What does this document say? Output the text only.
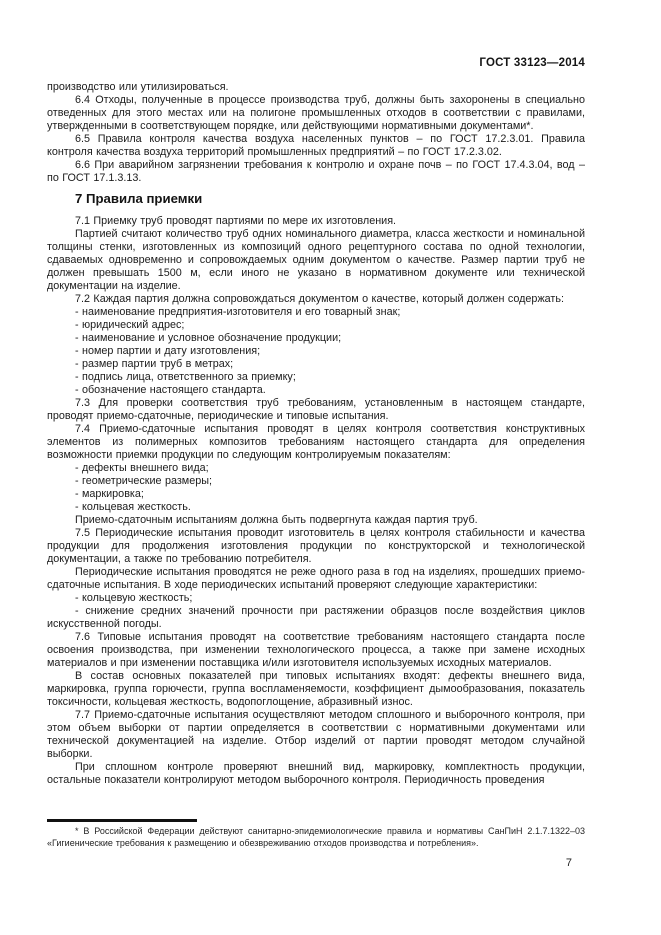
ГОСТ 33123—2014

производство или утилизироваться.

6.4 Отходы, полученные в процессе производства труб, должны быть захоронены в специально отведенных для этого местах или на полигоне промышленных отходов в соответствии с правилами, утвержденными в соответствующем порядке, или действующими нормативными документами*.

6.5 Правила контроля качества воздуха населенных пунктов – по ГОСТ 17.2.3.01. Правила контроля качества воздуха территорий промышленных предприятий – по ГОСТ 17.2.3.02.

6.6 При аварийном загрязнении требования к контролю и охране почв – по ГОСТ 17.4.3.04, вод – по ГОСТ 17.1.3.13.

7 Правила приемки

7.1 Приемку труб проводят партиями по мере их изготовления.

Партией считают количество труб одних номинального диаметра, класса жесткости и номинальной толщины стенки, изготовленных из композиций одного рецептурного состава по одной технологии, сдаваемых одновременно и сопровождаемых одним документом о качестве. Размер партии труб не должен превышать 1500 м, если иного не указано в нормативном документе или технической документации на изделие.

7.2 Каждая партия должна сопровождаться документом о качестве, который должен содержать:

- наименование предприятия-изготовителя и его товарный знак;

- юридический адрес;

- наименование и условное обозначение продукции;

- номер партии и дату изготовления;

- размер партии труб в метрах;

- подпись лица, ответственного за приемку;

- обозначение настоящего стандарта.

7.3 Для проверки соответствия труб требованиям, установленным в настоящем стандарте, проводят приемо-сдаточные, периодические и типовые испытания.

7.4 Приемо-сдаточные испытания проводят в целях контроля соответствия конструктивных элементов из полимерных композитов требованиям настоящего стандарта для определения возможности приемки продукции по следующим контролируемым показателям:

- дефекты внешнего вида;

- геометрические размеры;

- маркировка;

- кольцевая жесткость.

Приемо-сдаточным испытаниям должна быть подвергнута каждая партия труб.

7.5 Периодические испытания проводит изготовитель в целях контроля стабильности и качества продукции для продолжения изготовления продукции по конструкторской и технологической документации, а также по требованию потребителя.

Периодические испытания проводятся не реже одного раза в год на изделиях, прошедших приемо-сдаточные испытания. В ходе периодических испытаний проверяют следующие характеристики:

- кольцевую жесткость;

- снижение средних значений прочности при растяжении образцов после воздействия циклов искусственной погоды.

7.6 Типовые испытания проводят на соответствие требованиям настоящего стандарта после освоения производства, при изменении технологического процесса, а также при замене исходных материалов и при изменении поставщика и/или изготовителя используемых исходных материалов.

В состав основных показателей при типовых испытаниях входят: дефекты внешнего вида, маркировка, группа горючести, группа воспламеняемости, коэффициент дымообразования, показатель токсичности, кольцевая жесткость, водопоглощение, абразивный износ.

7.7 Приемо-сдаточные испытания осуществляют методом сплошного и выборочного контроля, при этом объем выборки от партии определяется в соответствии с нормативными документами или технической документацией на изделие. Отбор изделий от партии проводят методом случайной выборки.

При сплошном контроле проверяют внешний вид, маркировку, комплектность продукции, остальные показатели контролируют методом выборочного контроля. Периодичность проведения

* В Российской Федерации действуют санитарно-эпидемиологические правила и нормативы СанПиН 2.1.7.1322–03 «Гигиенические требования к размещению и обезвреживанию отходов производства и потребления».

7
